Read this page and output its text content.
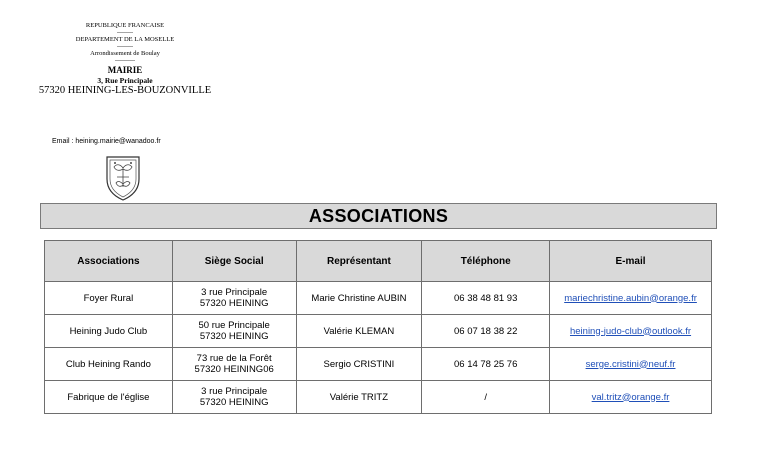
REPUBLIQUE FRANCAISE
--------
DEPARTEMENT DE LA MOSELLE
--------
Arrondissement de Boulay
----------
MAIRIE
3, Rue Principale
57320 HEINING-LES-BOUZONVILLE
Email : heining.mairie@wanadoo.fr
ASSOCIATIONS
Associations	Siège Social	Représentant	Téléphone	E-mail
Foyer Rural	3 rue Principale
57320 HEINING	Marie Christine AUBIN	06 38 48 81 93	mariechristine.aubin@orange.fr
Heining Judo Club	50 rue Principale
57320 HEINING	Valérie KLEMAN	06 07 18 38 22	heining-judo-club@outlook.fr
Club Heining Rando	73 rue de la Forêt
57320 HEINING06	Sergio CRISTINI	06 14 78 25 76	serge.cristini@neuf.fr
Fabrique de l'église	3 rue Principale
57320 HEINING	Valérie TRITZ	/	val.tritz@orange.fr
